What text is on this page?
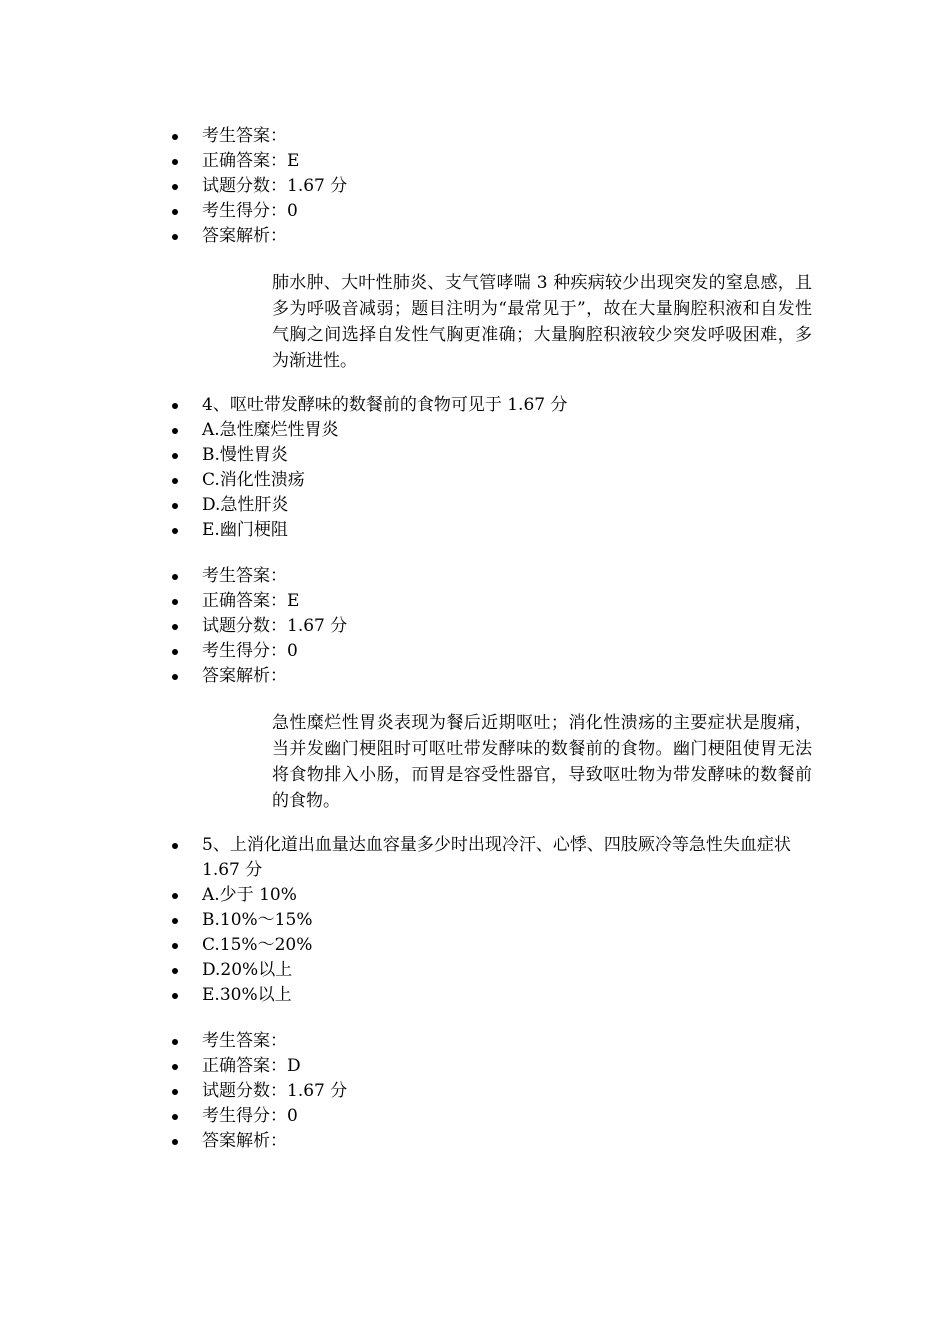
考生答案：
正确答案：E
试题分数：1.67 分
考生得分：0
答案解析：

肺水肿、大叶性肺炎、支气管哮喘 3 种疾病较少出现突发的窒息感，且多为呼吸音减弱；题目注明为“最常见于”，故在大量胸腔积液和自发性气胸之间选择自发性气胸更准确；大量胸腔积液较少突发呼吸困难，多为渐进性。

4、呕吐带发酵味的数餐前的食物可见于 1.67 分
A.急性糜烂性胃炎
B.慢性胃炎
C.消化性溃疡
D.急性肝炎
E.幽门梗阻
考生答案：
正确答案：E
试题分数：1.67 分
考生得分：0
答案解析：

急性糜烂性胃炎表现为餐后近期呕吐；消化性溃疡的主要症状是腹痛，当并发幽门梗阻时可呕吐带发酵味的数餐前的食物。幽门梗阻使胃无法将食物排入小肠，而胃是容受性器官，导致呕吐物为带发酵味的数餐前的食物。

5、上消化道出血量达血容量多少时出现冷汗、心悸、四肢厥冷等急性失血症状 1.67 分
A.少于 10%
B.10%～15%
C.15%～20%
D.20%以上
E.30%以上
考生答案：
正确答案：D
试题分数：1.67 分
考生得分：0
答案解析：
